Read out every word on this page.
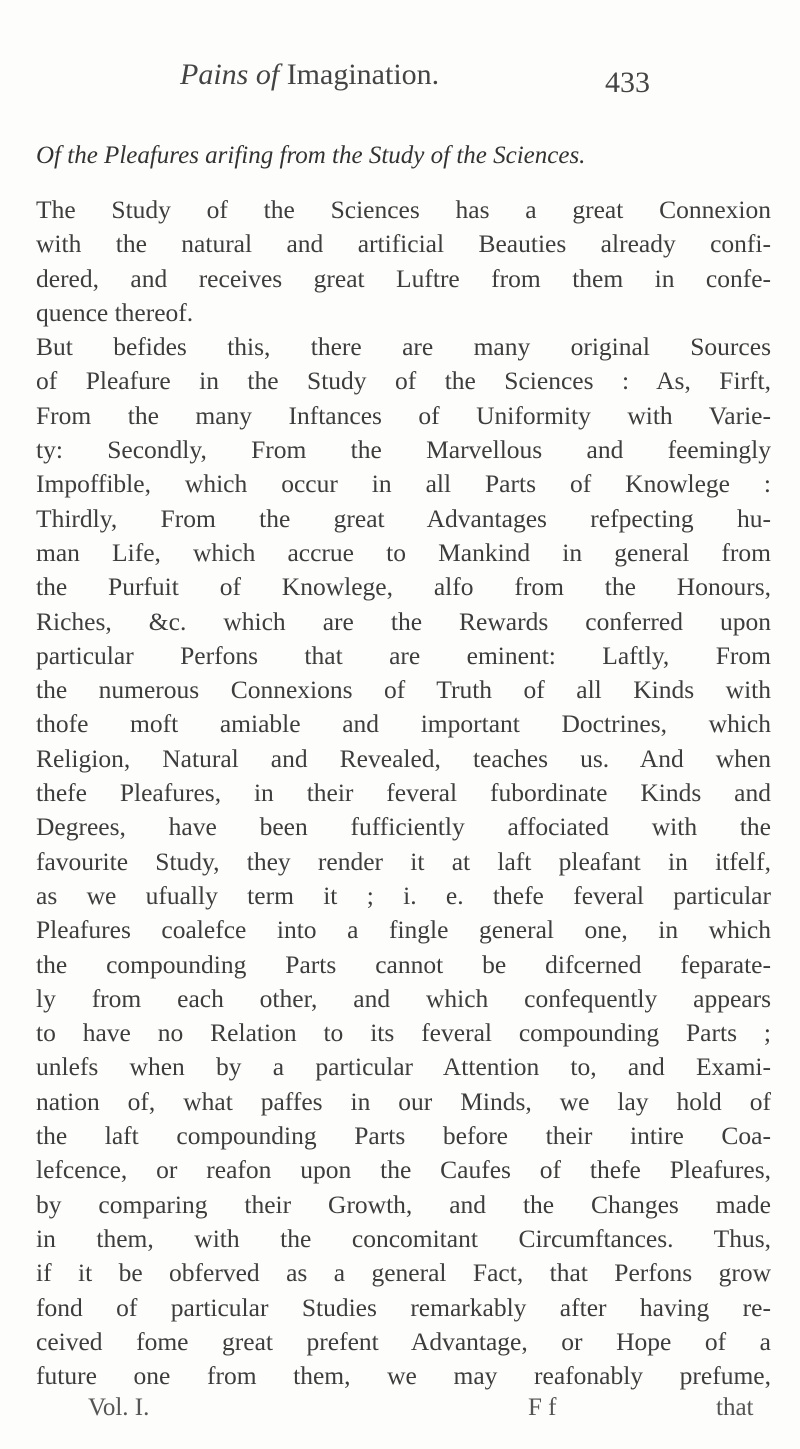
Pains of Imagination.	433
Of the Pleafures arifing from the Study of the Sciences.
The Study of the Sciences has a great Connexion
with the natural and artificial Beauties already confi-
dered, and receives great Luftre from them in confe-
quence thereof.
But befides this, there are many original Sources
of Pleafure in the Study of the Sciences : As, Firft,
From the many Inftances of Uniformity with Varie-
ty: Secondly, From the Marvellous and feemingly
Impoffible, which occur in all Parts of Knowlege :
Thirdly, From the great Advantages refpecting hu-
man Life, which accrue to Mankind in general from
the Purfuit of Knowlege, alfo from the Honours,
Riches, &c. which are the Rewards conferred upon
particular Perfons that are eminent: Laftly, From
the numerous Connexions of Truth of all Kinds with
thofe moft amiable and important Doctrines, which
Religion, Natural and Revealed, teaches us. And when
thefe Pleafures, in their feveral fubordinate Kinds and
Degrees, have been fufficiently affociated with the
favourite Study, they render it at laft pleafant in itfelf,
as we ufually term it ; i. e. thefe feveral particular
Pleafures coalefce into a fingle general one, in which
the compounding Parts cannot be difcerned feparate-
ly from each other, and which confequently appears
to have no Relation to its feveral compounding Parts ;
unlefs when by a particular Attention to, and Exami-
nation of, what paffes in our Minds, we lay hold of
the laft compounding Parts before their intire Coa-
lefcence, or reafon upon the Caufes of thefe Pleafures,
by comparing their Growth, and the Changes made
in them, with the concomitant Circumftances. Thus,
if it be obferved as a general Fact, that Perfons grow
fond of particular Studies remarkably after having re-
ceived fome great prefent Advantage, or Hope of a
future one from them, we may reafonably prefume,
Vol. I.	F f	that
